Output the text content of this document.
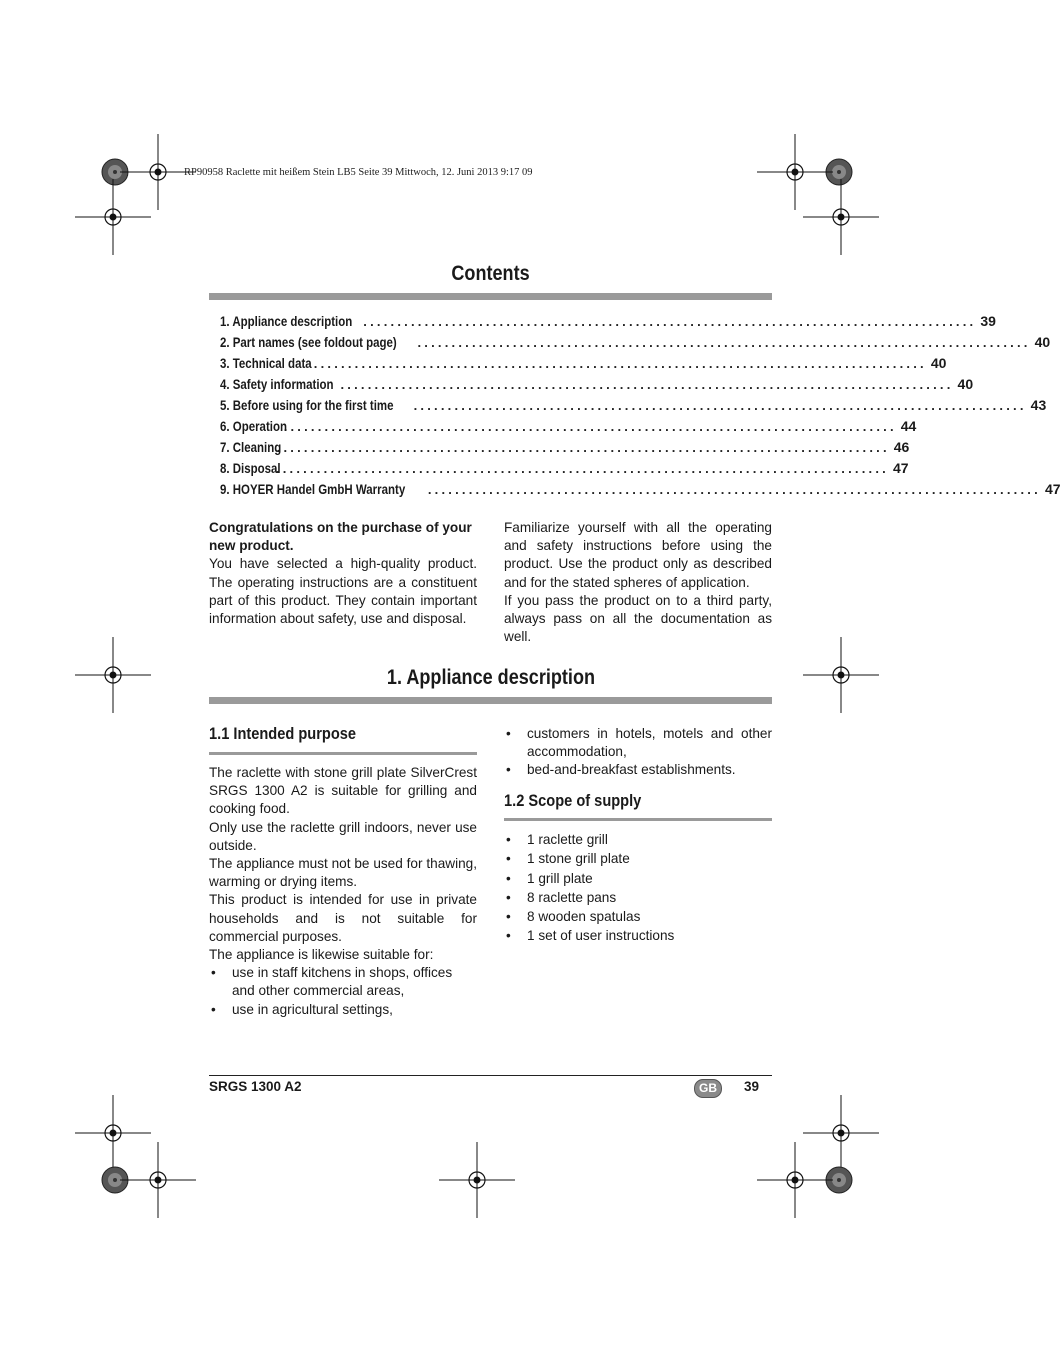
RP90958 Raclette mit heißem Stein LB5 Seite 39 Mittwoch, 12. Juni 2013 9:17 09
Contents
1. Appliance description .......................................................................................... 39
2. Part names (see foldout page) .......................................................................................... 40
3. Technical data .......................................................................................... 40
4. Safety information .......................................................................................... 40
5. Before using for the first time .......................................................................................... 43
6. Operation
.......................................................................................... 44
7. Cleaning
.......................................................................................... 46
8. Disposal
.......................................................................................... 47
9. HOYER Handel GmbH Warranty .......................................................................................... 47

Congratulations on the purchase of your new product.

You have selected a high-quality product. The operating instructions are a constituent part of this product. They contain important information about safety, use and disposal.

Familiarize yourself with all the operating and safety instructions before using the product. Use the product only as described and for the stated spheres of application.

If you pass the product on to a third party, always pass on all the documentation as well.

1. Appliance description
1.1 Intended purpose

The raclette with stone grill plate SilverCrest SRGS 1300 A2 is suitable for grilling and cooking food.

Only use the raclette grill indoors, never use outside.

The appliance must not be used for thawing, warming or drying items.

This product is intended for use in private households and is not suitable for commercial purposes.

The appliance is likewise suitable for:

• use in staff kitchens in shops, offices and other commercial areas,
• use in agricultural settings,
• customers in hotels, motels and other accommodation,
• bed-and-breakfast establishments.
1.2 Scope of supply
• 1 raclette grill
• 1 stone grill plate
• 1 grill plate
• 8 raclette pans
• 8 wooden spatulas
• 1 set of user instructions
SRGS 1300 A2	GB	39
